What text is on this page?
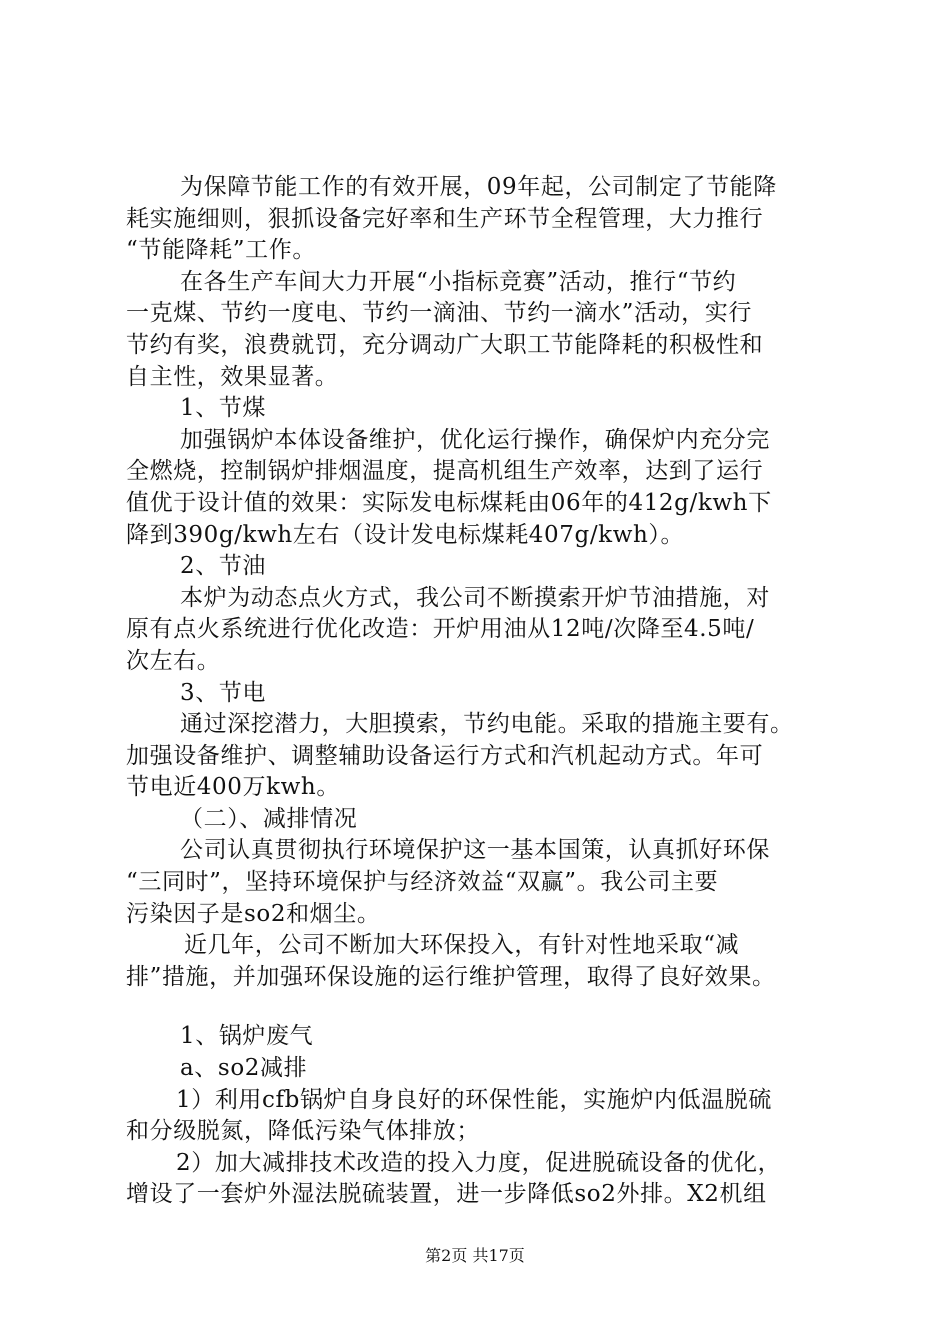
为保障节能工作的有效开展，09年起，公司制定了节能降
耗实施细则，狠抓设备完好率和生产环节全程管理，大力推行
“节能降耗”工作。
在各生产车间大力开展“小指标竞赛”活动，推行“节约
一克煤、节约一度电、节约一滴油、节约一滴水”活动，实行
节约有奖，浪费就罚，充分调动广大职工节能降耗的积极性和
自主性，效果显著。
1、节煤
加强锅炉本体设备维护，优化运行操作，确保炉内充分完
全燃烧，控制锅炉排烟温度，提高机组生产效率，达到了运行
值优于设计值的效果：实际发电标煤耗由06年的412g/kwh下
降到390g/kwh左右（设计发电标煤耗407g/kwh）。
2、节油
本炉为动态点火方式，我公司不断摸索开炉节油措施，对
原有点火系统进行优化改造：开炉用油从12吨/次降至4.5吨/
次左右。
3、节电
通过深挖潜力，大胆摸索，节约电能。采取的措施主要有。
加强设备维护、调整辅助设备运行方式和汽机起动方式。年可
节电近400万kwh。
（二）、减排情况
公司认真贯彻执行环境保护这一基本国策，认真抓好环保
“三同时”，坚持环境保护与经济效益“双赢”。我公司主要
污染因子是so2和烟尘。
近几年，公司不断加大环保投入，有针对性地采取“减
排”措施，并加强环保设施的运行维护管理，取得了良好效果。
1、锅炉废气
a、so2减排
1）利用cfb锅炉自身良好的环保性能，实施炉内低温脱硫
和分级脱氮，降低污染气体排放；
2）加大减排技术改造的投入力度，促进脱硫设备的优化，
增设了一套炉外湿法脱硫装置，进一步降低so2外排。X2机组
第2页 共17页
